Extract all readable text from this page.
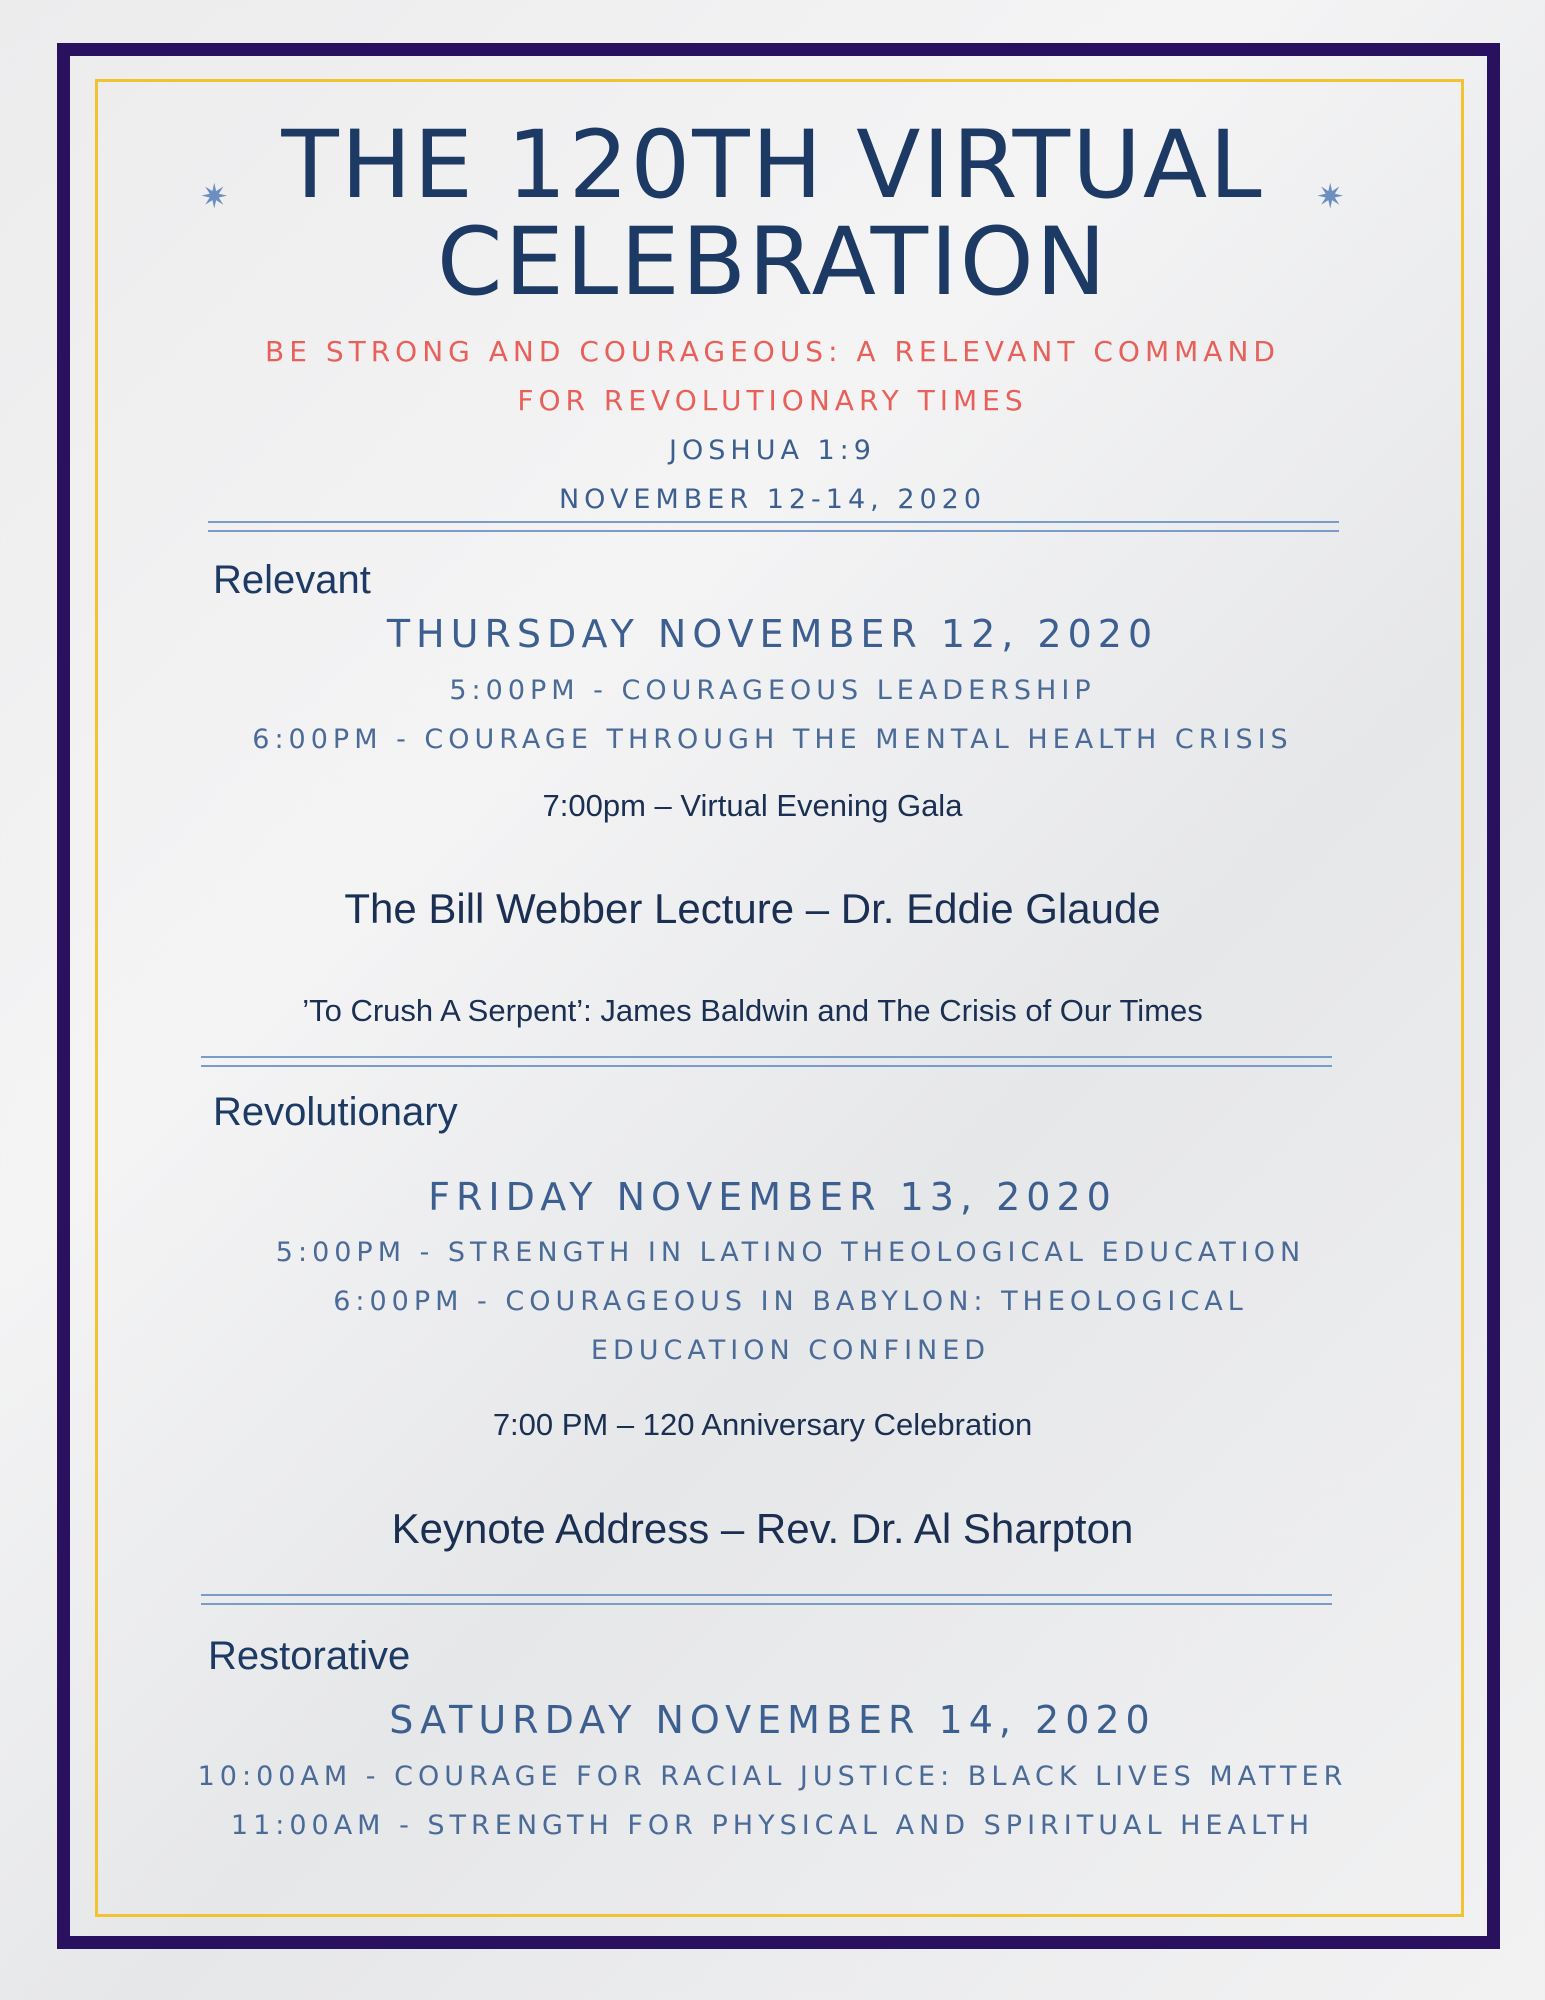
✷	✷
THE 120TH VIRTUAL
CELEBRATION
BE STRONG AND COURAGEOUS: A RELEVANT COMMAND
FOR REVOLUTIONARY TIMES
JOSHUA 1:9
NOVEMBER 12-14, 2020
Relevant
THURSDAY NOVEMBER 12, 2020
5:00PM - COURAGEOUS LEADERSHIP
6:00PM - COURAGE THROUGH THE MENTAL HEALTH CRISIS
7:00pm – Virtual Evening Gala
The Bill Webber Lecture – Dr. Eddie Glaude
’To Crush A Serpent’: James Baldwin and The Crisis of Our Times
Revolutionary
FRIDAY NOVEMBER 13, 2020
5:00PM - STRENGTH IN LATINO THEOLOGICAL EDUCATION
6:00PM - COURAGEOUS IN BABYLON: THEOLOGICAL
EDUCATION CONFINED
7:00 PM – 120 Anniversary Celebration
Keynote Address – Rev. Dr. Al Sharpton
Restorative
SATURDAY NOVEMBER 14, 2020
10:00AM - COURAGE FOR RACIAL JUSTICE: BLACK LIVES MATTER
11:00AM - STRENGTH FOR PHYSICAL AND SPIRITUAL HEALTH
